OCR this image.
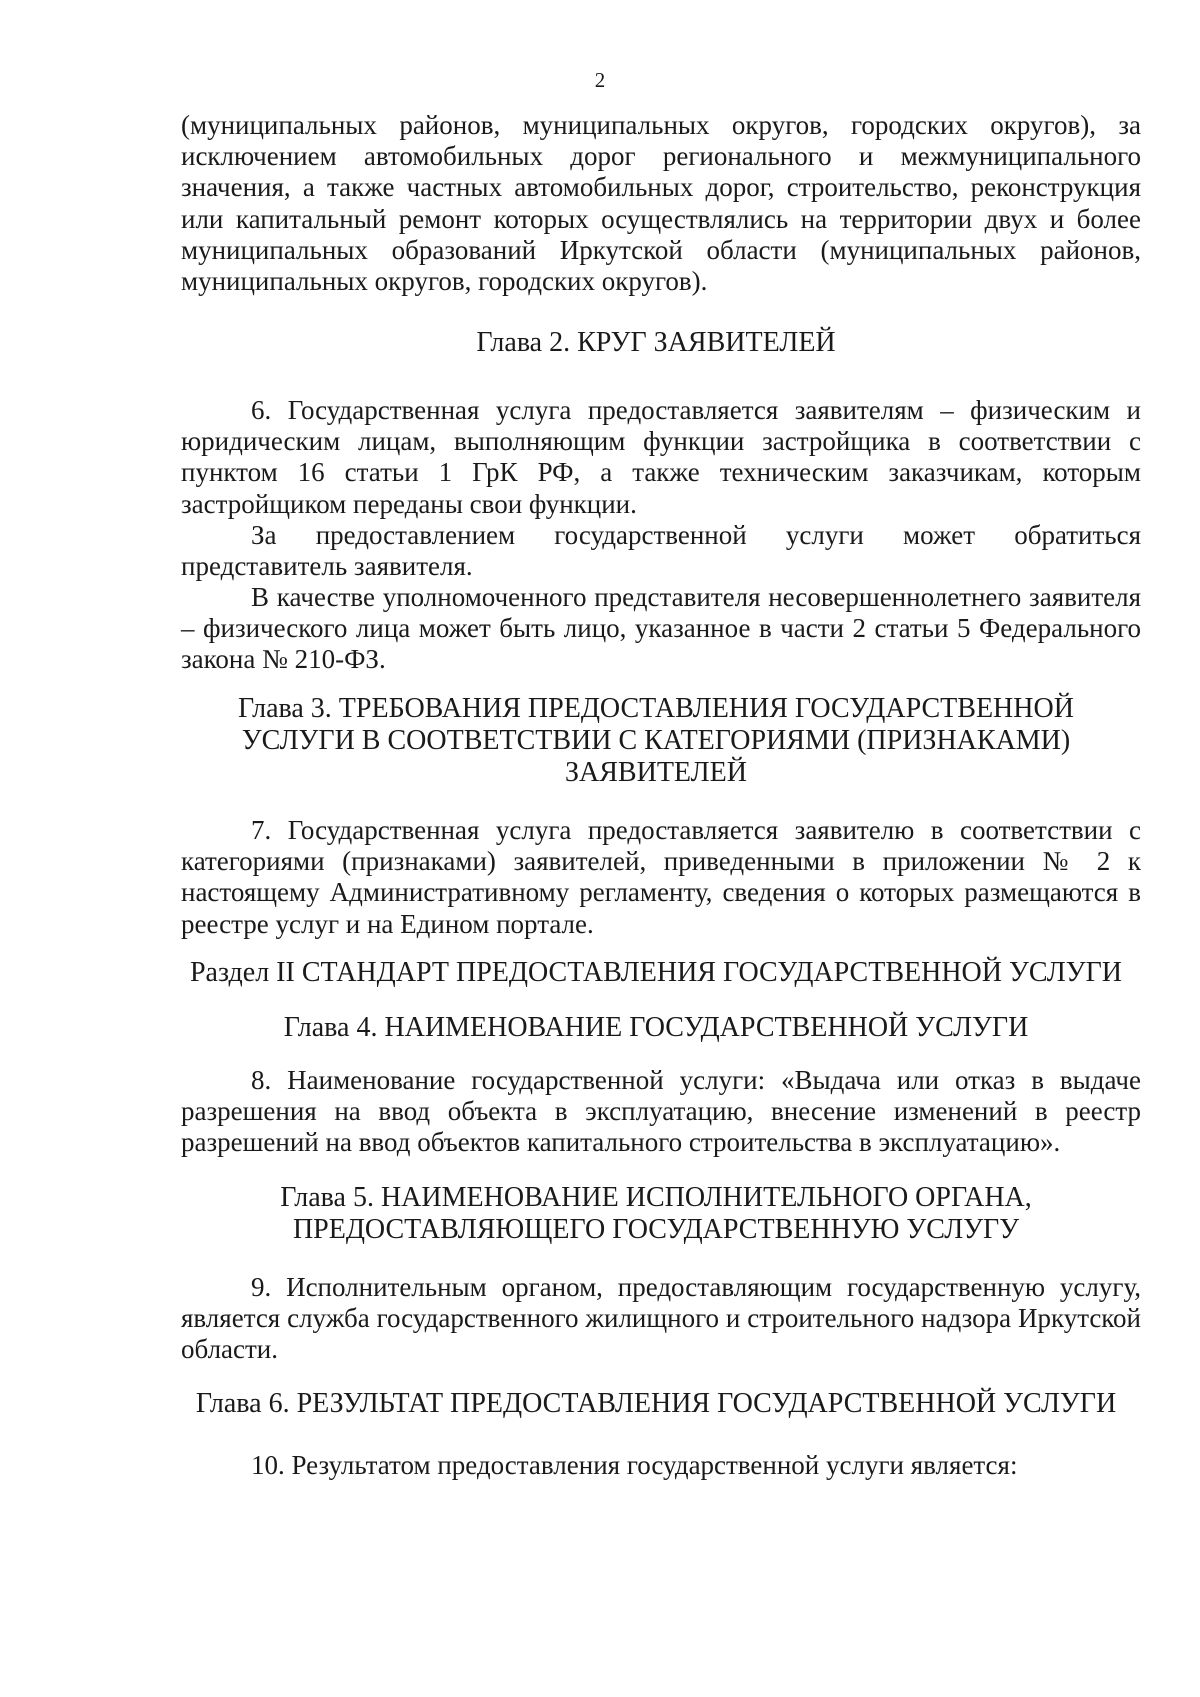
2

(муниципальных районов, муниципальных округов, городских округов), за исключением автомобильных дорог регионального и межмуниципального значения, а также частных автомобильных дорог, строительство, реконструкция или капитальный ремонт которых осуществлялись на территории двух и более муниципальных образований Иркутской области (муниципальных районов, муниципальных округов, городских округов).

Глава 2. КРУГ ЗАЯВИТЕЛЕЙ

6. Государственная услуга предоставляется заявителям – физическим и юридическим лицам, выполняющим функции застройщика в соответствии с пунктом 16 статьи 1 ГрК РФ, а также техническим заказчикам, которым застройщиком переданы свои функции.

За предоставлением государственной услуги может обратиться представитель заявителя.

В качестве уполномоченного представителя несовершеннолетнего заявителя – физического лица может быть лицо, указанное в части 2 статьи 5 Федерального закона № 210-ФЗ.

Глава 3. ТРЕБОВАНИЯ ПРЕДОСТАВЛЕНИЯ ГОСУДАРСТВЕННОЙ
УСЛУГИ В СООТВЕТСТВИИ С КАТЕГОРИЯМИ (ПРИЗНАКАМИ)
ЗАЯВИТЕЛЕЙ

7. Государственная услуга предоставляется заявителю в соответствии с категориями (признаками) заявителей, приведенными в приложении № 2 к настоящему Административному регламенту, сведения о которых размещаются в реестре услуг и на Едином портале.

Раздел II СТАНДАРТ ПРЕДОСТАВЛЕНИЯ ГОСУДАРСТВЕННОЙ УСЛУГИ
Глава 4. НАИМЕНОВАНИЕ ГОСУДАРСТВЕННОЙ УСЛУГИ

8. Наименование государственной услуги: «Выдача или отказ в выдаче разрешения на ввод объекта в эксплуатацию, внесение изменений в реестр разрешений на ввод объектов капитального строительства в эксплуатацию».

Глава 5. НАИМЕНОВАНИЕ ИСПОЛНИТЕЛЬНОГО ОРГАНА,
ПРЕДОСТАВЛЯЮЩЕГО ГОСУДАРСТВЕННУЮ УСЛУГУ

9. Исполнительным органом, предоставляющим государственную услугу, является служба государственного жилищного и строительного надзора Иркутской области.

Глава 6. РЕЗУЛЬТАТ ПРЕДОСТАВЛЕНИЯ ГОСУДАРСТВЕННОЙ УСЛУГИ

10. Результатом предоставления государственной услуги является:
